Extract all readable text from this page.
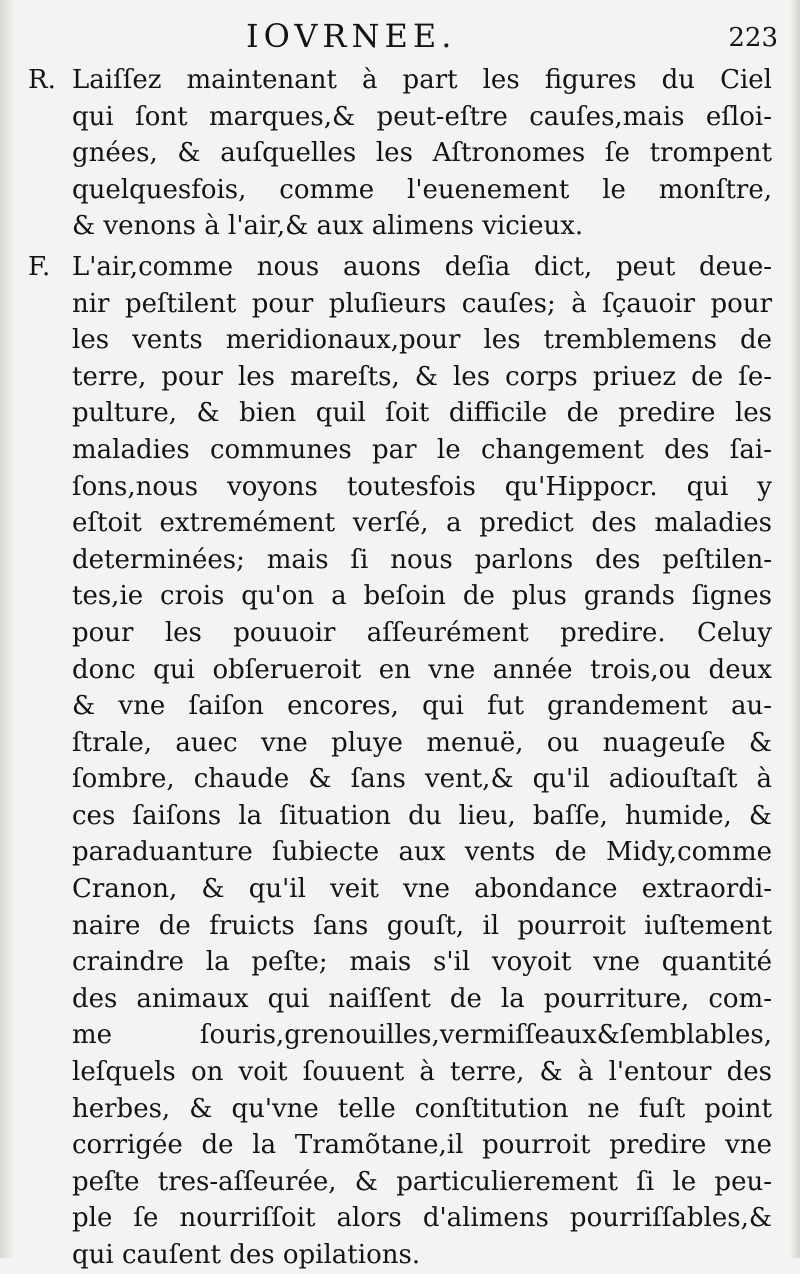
IOVRNEE.	223
R. Laiſſez maintenant à part les figures du Ciel
qui ſont marques,& peut-eſtre cauſes,mais eſloi-
gnées, & auſquelles les Aſtronomes ſe trompent
quelquesfois, comme l'euenement le monſtre,
& venons à l'air,& aux alimens vicieux.
F. L'air,comme nous auons deſia dict, peut deue-
nir peſtilent pour pluſieurs cauſes; à ſçauoir pour
les vents meridionaux,pour les tremblemens de
terre, pour les mareſts, & les corps priuez de ſe-
pulture, & bien quil ſoit difficile de predire les
maladies communes par le changement des ſai-
ſons,nous voyons toutesfois qu'Hippocr. qui y
eſtoit extremément verſé, a predict des maladies
determinées; mais ſi nous parlons des peſtilen-
tes,ie crois qu'on a beſoin de plus grands ſignes
pour les pouuoir aſſeurément predire. Celuy
donc qui obſerueroit en vne année trois,ou deux
& vne ſaiſon encores, qui fut grandement au-
ſtrale, auec vne pluye menuë, ou nuageuſe &
ſombre, chaude & ſans vent,& qu'il adiouſtaſt à
ces ſaiſons la ſituation du lieu, baſſe, humide, &
paraduanture ſubiecte aux vents de Midy,comme
Cranon, & qu'il veit vne abondance extraordi-
naire de fruicts ſans gouſt, il pourroit iuſtement
craindre la peſte; mais s'il voyoit vne quantité
des animaux qui naiſſent de la pourriture, com-
me ſouris,grenouilles,vermiſſeaux&ſemblables,
leſquels on voit ſouuent à terre, & à l'entour des
herbes, & qu'vne telle conſtitution ne fuſt point
corrigée de la Tramõtane,il pourroit predire vne
peſte tres-aſſeurée, & particulierement ſi le peu-
ple ſe nourriſſoit alors d'alimens pourriſſables,&
qui cauſent des opilations.
